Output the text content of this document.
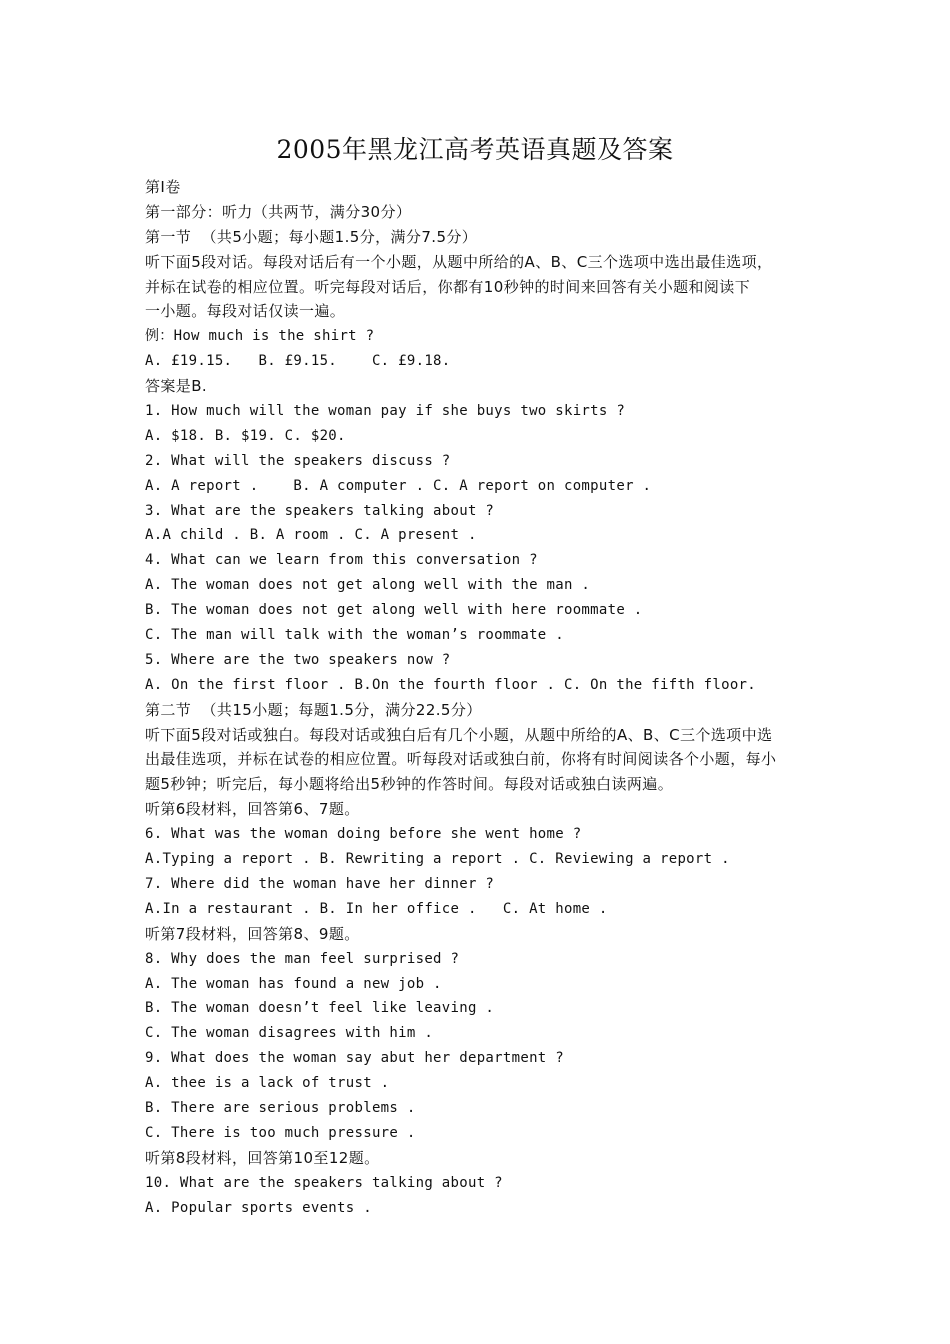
2005年黑龙江高考英语真题及答案
第Ⅰ卷
第一部分：听力（共两节，满分30分）
第一节  （共5小题；每小题1.5分，满分7.5分）
听下面5段对话。每段对话后有一个小题，从题中所给的A、B、C三个选项中选出最佳选项，
并标在试卷的相应位置。听完每段对话后，你都有10秒钟的时间来回答有关小题和阅读下
一小题。每段对话仅读一遍。
例：How much is the shirt ?
A. £19.15.   B. £9.15.    C. £9.18.
答案是B.
1. How much will the woman pay if she buys two skirts ?
A. $18. B. $19. C. $20.
2. What will the speakers discuss ?
A. A report .    B. A computer . C. A report on computer .
3. What are the speakers talking about ?
A.A child . B. A room . C. A present .
4. What can we learn from this conversation ?
A. The woman does not get along well with the man .
B. The woman does not get along well with here roommate .
C. The man will talk with the woman’s roommate .
5. Where are the two speakers now ?
A. On the first floor . B.On the fourth floor . C. On the fifth floor.
第二节  （共15小题；每题1.5分，满分22.5分）
听下面5段对话或独白。每段对话或独白后有几个小题，从题中所给的A、B、C三个选项中选
出最佳选项，并标在试卷的相应位置。听每段对话或独白前，你将有时间阅读各个小题，每小
题5秒钟；听完后，每小题将给出5秒钟的作答时间。每段对话或独白读两遍。
听第6段材料，回答第6、7题。
6. What was the woman doing before she went home ?
A.Typing a report . B. Rewriting a report . C. Reviewing a report .
7. Where did the woman have her dinner ?
A.In a restaurant . B. In her office .   C. At home .
听第7段材料，回答第8、9题。
8. Why does the man feel surprised ?
A. The woman has found a new job .
B. The woman doesn’t feel like leaving .
C. The woman disagrees with him .
9. What does the woman say abut her department ?
A. thee is a lack of trust .
B. There are serious problems .
C. There is too much pressure .
听第8段材料，回答第10至12题。
10. What are the speakers talking about ?
A. Popular sports events .
